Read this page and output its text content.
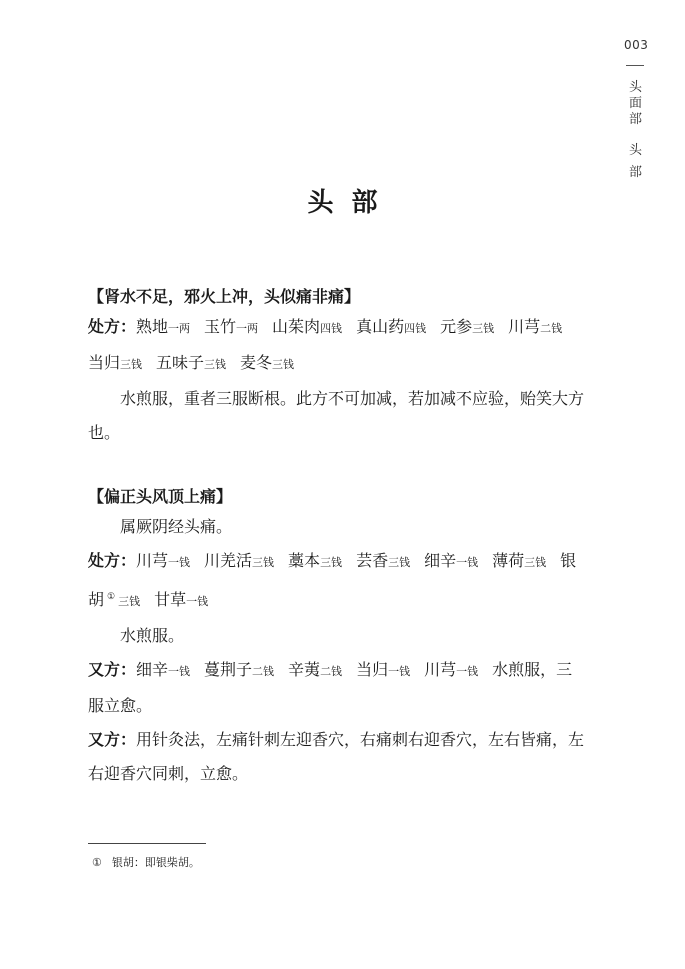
003
头面部
头部
头部
【肾水不足，邪火上冲，头似痛非痛】
处方：熟地一两 玉竹一两 山茱肉四钱 真山药四钱 元参三钱 川芎二钱当归三钱 五味子三钱 麦冬三钱
水煎服，重者三服断根。此方不可加减，若加减不应验，贻笑大方也。
【偏正头风顶上痛】
属厥阴经头痛。
处方：川芎一钱 川羌活三钱 藁本三钱 芸香三钱 细辛一钱 薄荷三钱 银胡 ① 三钱 甘草一钱
水煎服。
又方：细辛一钱 蔓荆子二钱 辛荑二钱 当归一钱 川芎一钱 水煎服，三服立愈。
又方：用针灸法，左痛针刺左迎香穴，右痛刺右迎香穴，左右皆痛，左右迎香穴同刺，立愈。
① 银胡：即银柴胡。
